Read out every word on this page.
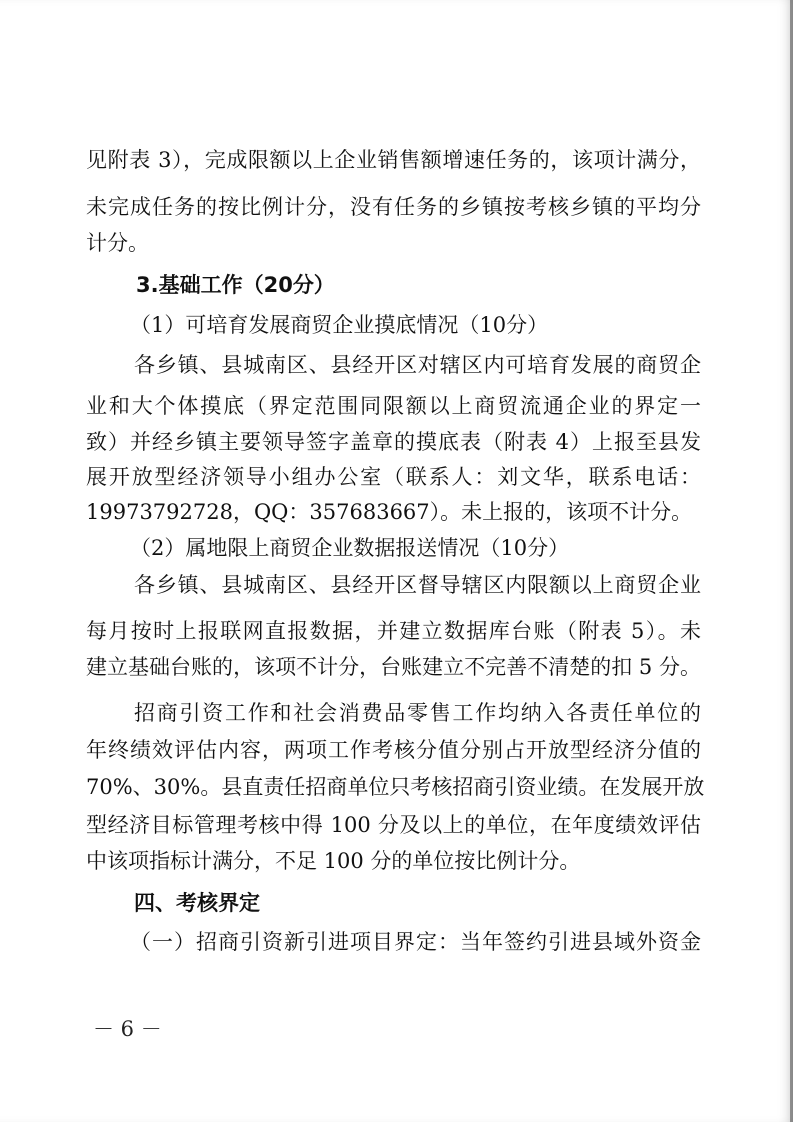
见附表 3），完成限额以上企业销售额增速任务的，该项计满分，
未完成任务的按比例计分，没有任务的乡镇按考核乡镇的平均分
计分。
3.基础工作（20分）
（1）可培育发展商贸企业摸底情况（10分）
各乡镇、县城南区、县经开区对辖区内可培育发展的商贸企
业和大个体摸底（界定范围同限额以上商贸流通企业的界定一
致）并经乡镇主要领导签字盖章的摸底表（附表 4）上报至县发
展开放型经济领导小组办公室（联系人：刘文华，联系电话：
19973792728，QQ：357683667）。未上报的，该项不计分。
（2）属地限上商贸企业数据报送情况（10分）
各乡镇、县城南区、县经开区督导辖区内限额以上商贸企业
每月按时上报联网直报数据，并建立数据库台账（附表 5）。未
建立基础台账的，该项不计分，台账建立不完善不清楚的扣 5 分。
招商引资工作和社会消费品零售工作均纳入各责任单位的
年终绩效评估内容，两项工作考核分值分别占开放型经济分值的
70%、30%。县直责任招商单位只考核招商引资业绩。在发展开放
型经济目标管理考核中得 100 分及以上的单位，在年度绩效评估
中该项指标计满分，不足 100 分的单位按比例计分。
四、考核界定
（一）招商引资新引进项目界定：当年签约引进县域外资金
－ 6 －
